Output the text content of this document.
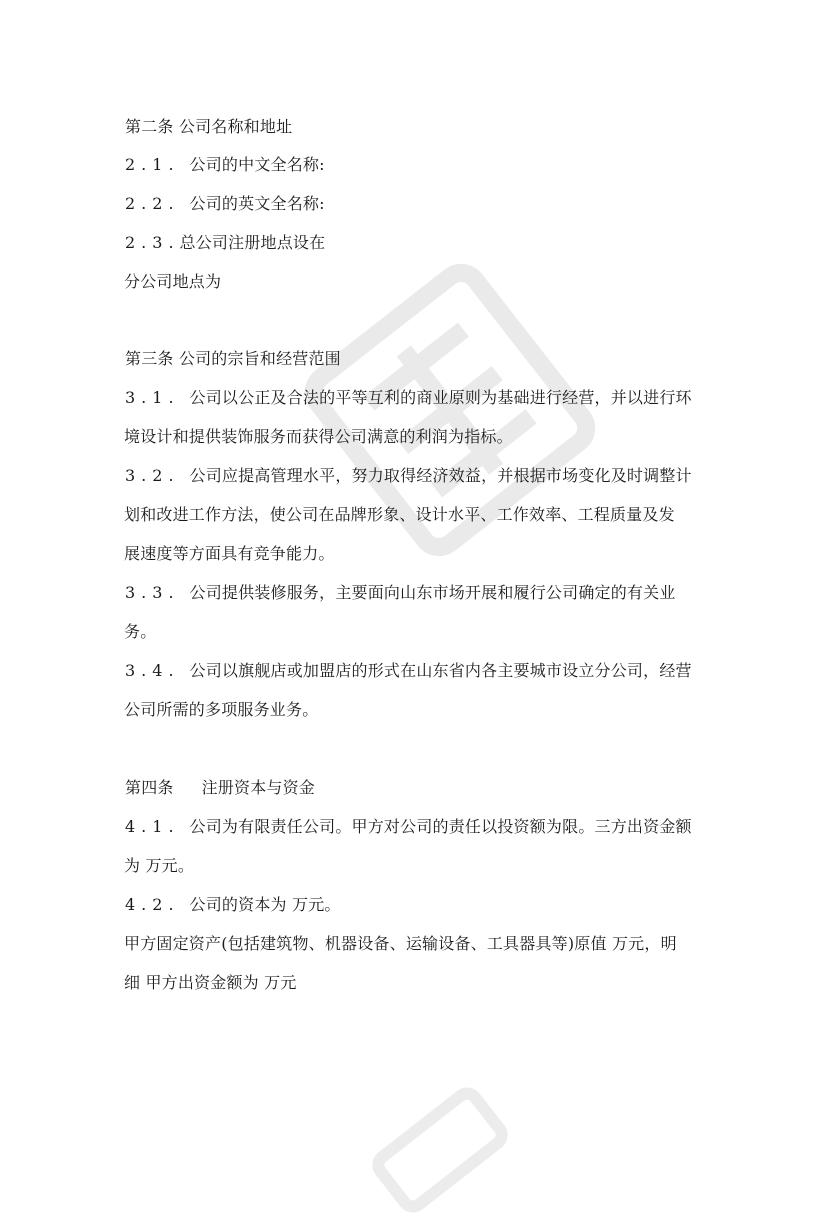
第二条 公司名称和地址
2.1. 公司的中文全名称:
2.2. 公司的英文全名称:
2.3.总公司注册地点设在
分公司地点为
第三条 公司的宗旨和经营范围
3.1. 公司以公正及合法的平等互利的商业原则为基础进行经营，并以进行环
境设计和提供装饰服务而获得公司满意的利润为指标。
3.2. 公司应提高管理水平，努力取得经济效益，并根据市场变化及时调整计
划和改进工作方法，使公司在品牌形象、设计水平、工作效率、工程质量及发
展速度等方面具有竞争能力。
3.3. 公司提供装修服务，主要面向山东市场开展和履行公司确定的有关业
务。
3.4. 公司以旗舰店或加盟店的形式在山东省内各主要城市设立分公司，经营
公司所需的多项服务业务。
第四条 注册资本与资金
4.1. 公司为有限责任公司。甲方对公司的责任以投资额为限。三方出资金额
为 万元。
4.2. 公司的资本为 万元。
甲方固定资产(包括建筑物、机器设备、运输设备、工具器具等)原值 万元，明
细 甲方出资金额为 万元
